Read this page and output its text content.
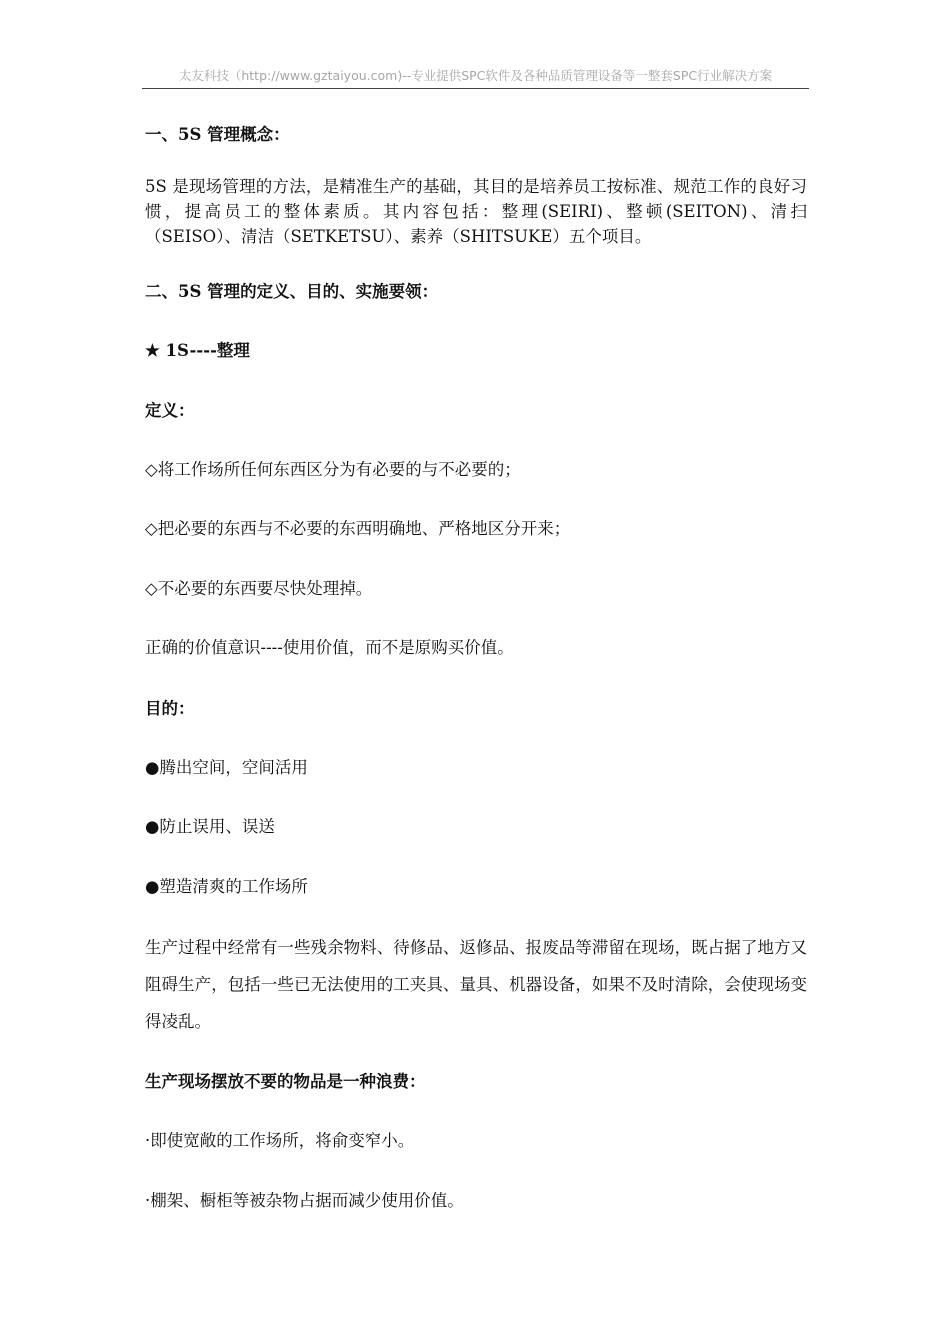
太友科技（http://www.gztaiyou.com)--专业提供SPC软件及各种品质管理设备等一整套SPC行业解决方案
一、5S 管理概念：
5S 是现场管理的方法，是精准生产的基础，其目的是培养员工按标准、规范工作的良好习惯，提高员工的整体素质。其内容包括：整理(SEIRI)、整顿(SEITON)、清扫（SEISO）、清洁（SETKETSU）、素养（SHITSUKE）五个项目。
二、5S 管理的定义、目的、实施要领：
★ 1S----整理
定义：
◇将工作场所任何东西区分为有必要的与不必要的；
◇把必要的东西与不必要的东西明确地、严格地区分开来；
◇不必要的东西要尽快处理掉。
正确的价值意识----使用价值，而不是原购买价值。
目的：
●腾出空间，空间活用
●防止误用、误送
●塑造清爽的工作场所
生产过程中经常有一些残余物料、待修品、返修品、报废品等滞留在现场，既占据了地方又阻碍生产，包括一些已无法使用的工夹具、量具、机器设备，如果不及时清除，会使现场变得凌乱。
生产现场摆放不要的物品是一种浪费：
·即使宽敞的工作场所，将俞变窄小。
·棚架、橱柜等被杂物占据而减少使用价值。
